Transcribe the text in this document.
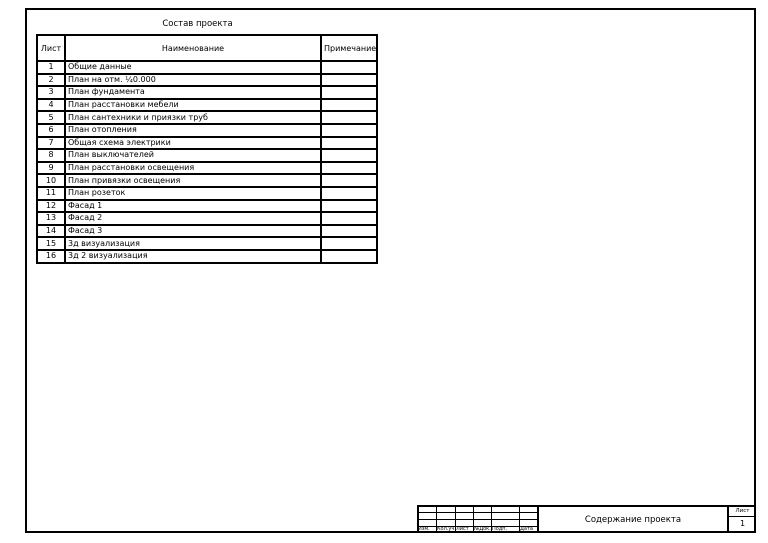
Состав проекта
Лист	Наименование	Примечание
1	Общие данные	
2	План на отм. ¼0.000	
3	План фундамента	
4	План расстановки мебели	
5	План сантехники и приязки труб	
6	План отопления	
7	Общая схема электрики	
8	План выключателей	
9	План расстановки освещения	
10	План привязки освещения	
11	План розеток	
12	Фасад 1	
13	Фасад 2	
14	Фасад 3	
15	3д визуализация	
16	3д 2 визуализация	
Изм. Кол.уч Лист №Док. Подп.	Дата
Содержание проекта
Лист
1
